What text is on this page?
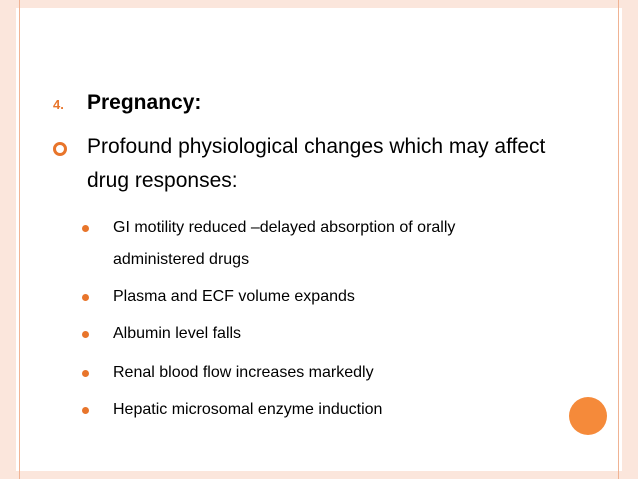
4. Pregnancy:
Profound physiological changes which may affect
drug responses:
GI motility reduced –delayed absorption of orally
administered drugs
Plasma and ECF volume expands
Albumin level falls
Renal blood flow increases markedly
Hepatic microsomal enzyme induction
